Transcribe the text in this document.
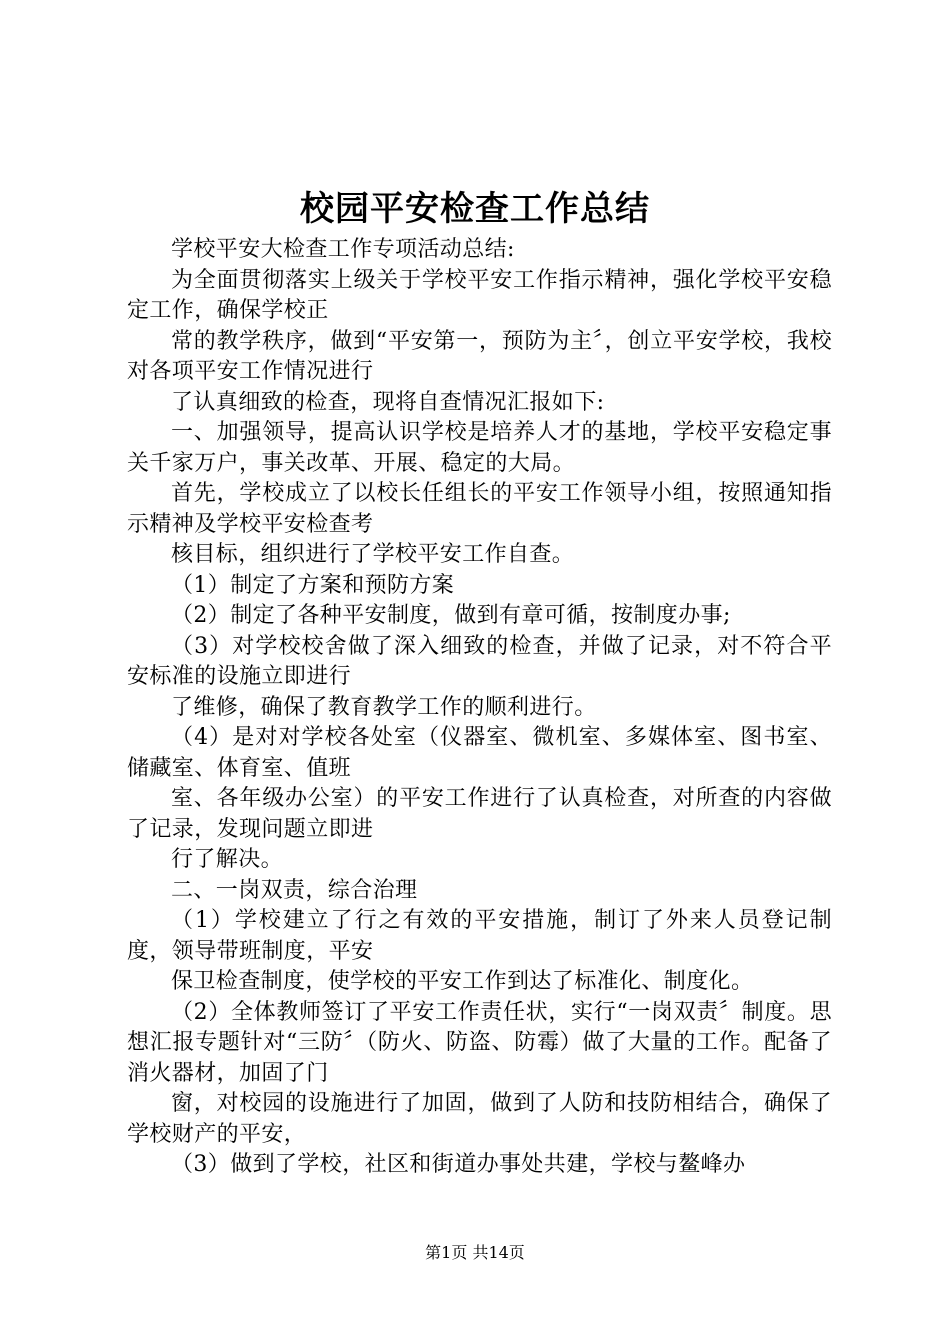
校园平安检查工作总结

学校平安大检查工作专项活动总结:

为全面贯彻落实上级关于学校平安工作指示精神，强化学校平安稳定工作，确保学校正

常的教学秩序，做到“平安第一，预防为主〞，创立平安学校，我校对各项平安工作情况进行

了认真细致的检查，现将自查情况汇报如下:

一、加强领导，提高认识学校是培养人才的基地，学校平安稳定事关千家万户，事关改革、开展、稳定的大局。

首先，学校成立了以校长任组长的平安工作领导小组，按照通知指示精神及学校平安检查考

核目标，组织进行了学校平安工作自查。

（1）制定了方案和预防方案

（2）制定了各种平安制度，做到有章可循，按制度办事;

（3）对学校校舍做了深入细致的检查，并做了记录，对不符合平安标准的设施立即进行

了维修，确保了教育教学工作的顺利进行。

（4）是对对学校各处室（仪器室、微机室、多媒体室、图书室、储藏室、体育室、值班

室、各年级办公室）的平安工作进行了认真检查，对所查的内容做了记录，发现问题立即进

行了解决。

二、一岗双责，综合治理

（1）学校建立了行之有效的平安措施，制订了外来人员登记制度，领导带班制度，平安

保卫检查制度，使学校的平安工作到达了标准化、制度化。

（2）全体教师签订了平安工作责任状，实行“一岗双责〞制度。思想汇报专题针对“三防〞（防火、防盗、防霉）做了大量的工作。配备了消火器材，加固了门

窗，对校园的设施进行了加固，做到了人防和技防相结合，确保了学校财产的平安，

（3）做到了学校，社区和街道办事处共建，学校与鳌峰办

第1页 共14页
